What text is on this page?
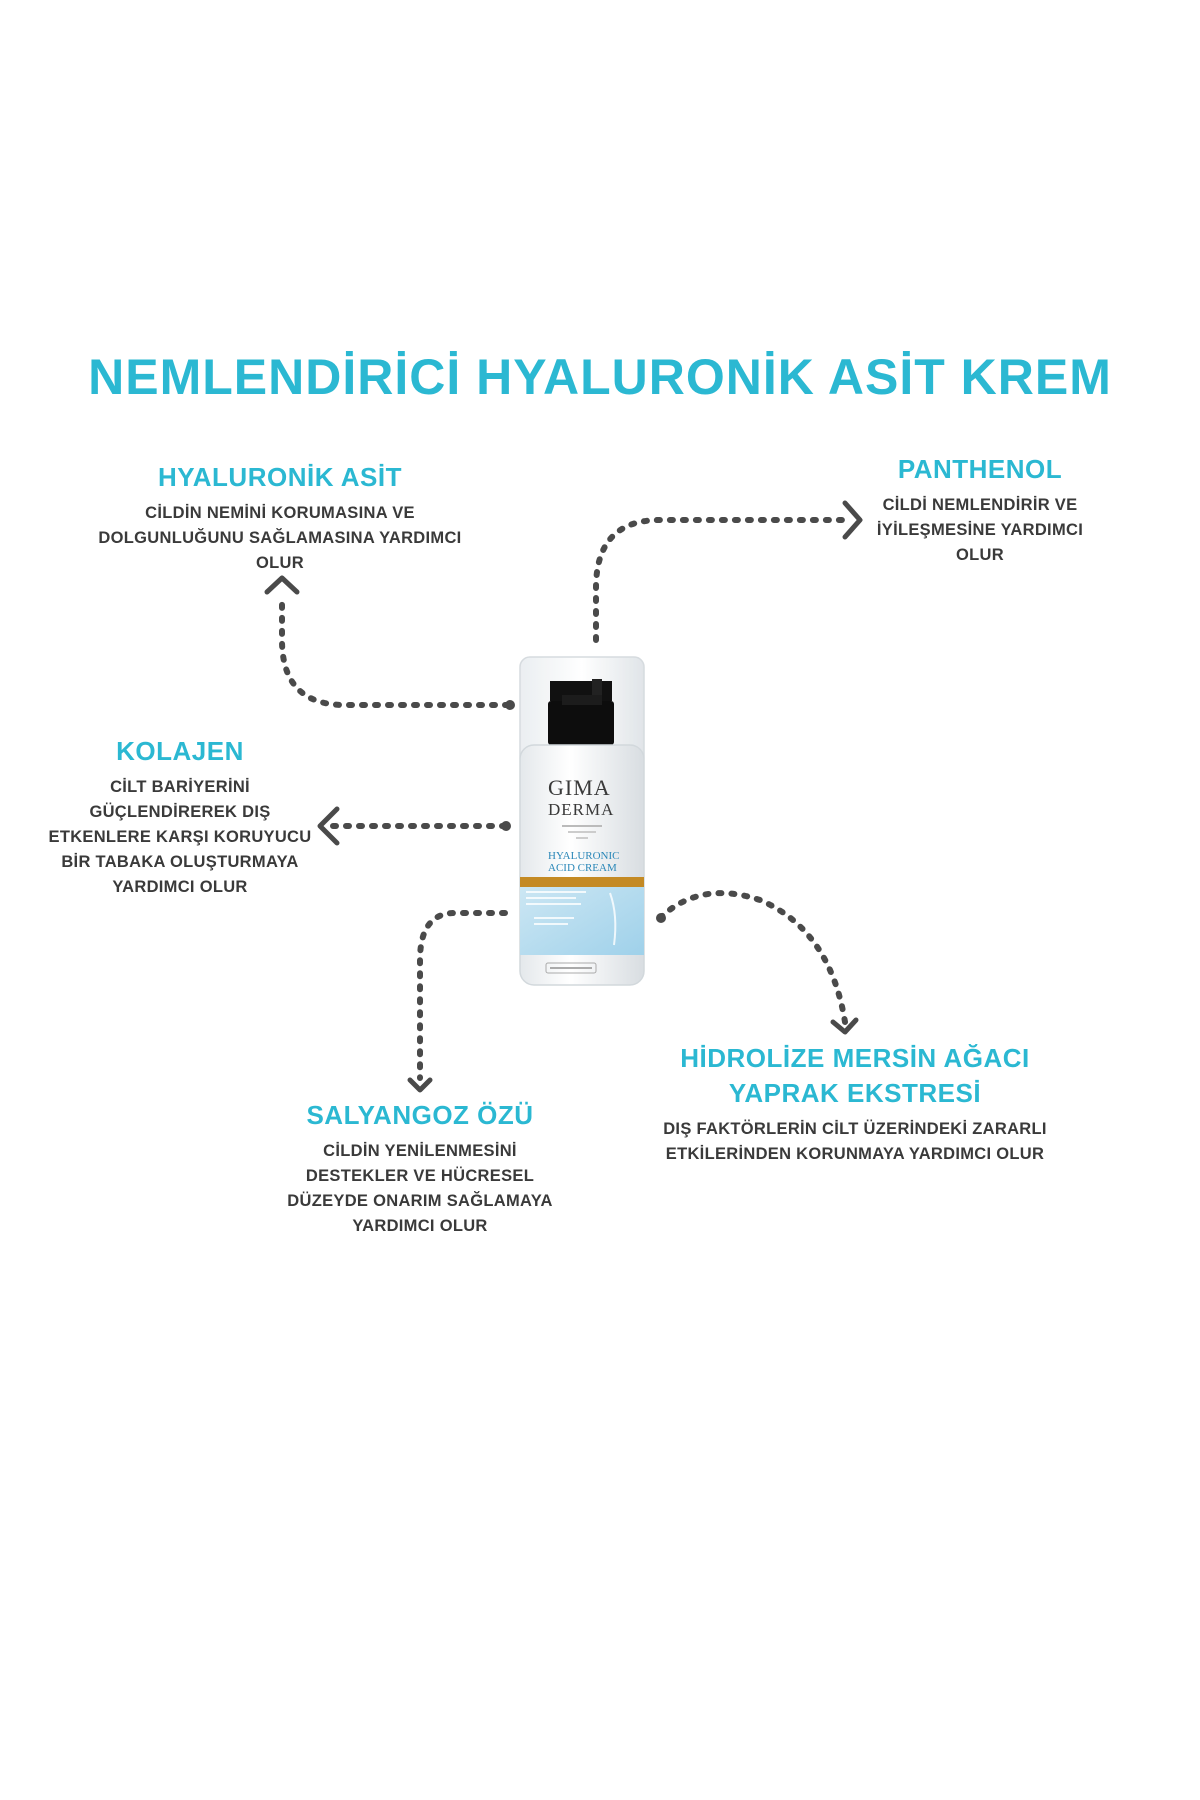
NEMLENDİRİCİ HYALURONİK ASİT KREM
HYALURONİK ASİT

CİLDİN NEMİNİ KORUMASINA VE

DOLGUNLUĞUNU SAĞLAMASINA YARDIMCI

OLUR

PANTHENOL

CİLDİ NEMLENDİRİR VE

İYİLEŞMESİNE YARDIMCI

OLUR

KOLAJEN

CİLT BARİYERİNİ

GÜÇLENDİREREK DIŞ

ETKENLERE KARŞI KORUYUCU

BİR TABAKA OLUŞTURMAYA

YARDIMCI OLUR

SALYANGOZ ÖZÜ

CİLDİN YENİLENMESİNİ

DESTEKLER VE HÜCRESEL

DÜZEYDE ONARIM SAĞLAMAYA

YARDIMCI OLUR

HİDROLİZE MERSİN AĞACI
YAPRAK EKSTRESİ

DIŞ FAKTÖRLERİN CİLT ÜZERİNDEKİ ZARARLI

ETKİLERİNDEN KORUNMAYA YARDIMCI OLUR

GIMA
DERMA
HYALURONIC
ACID CREAM
